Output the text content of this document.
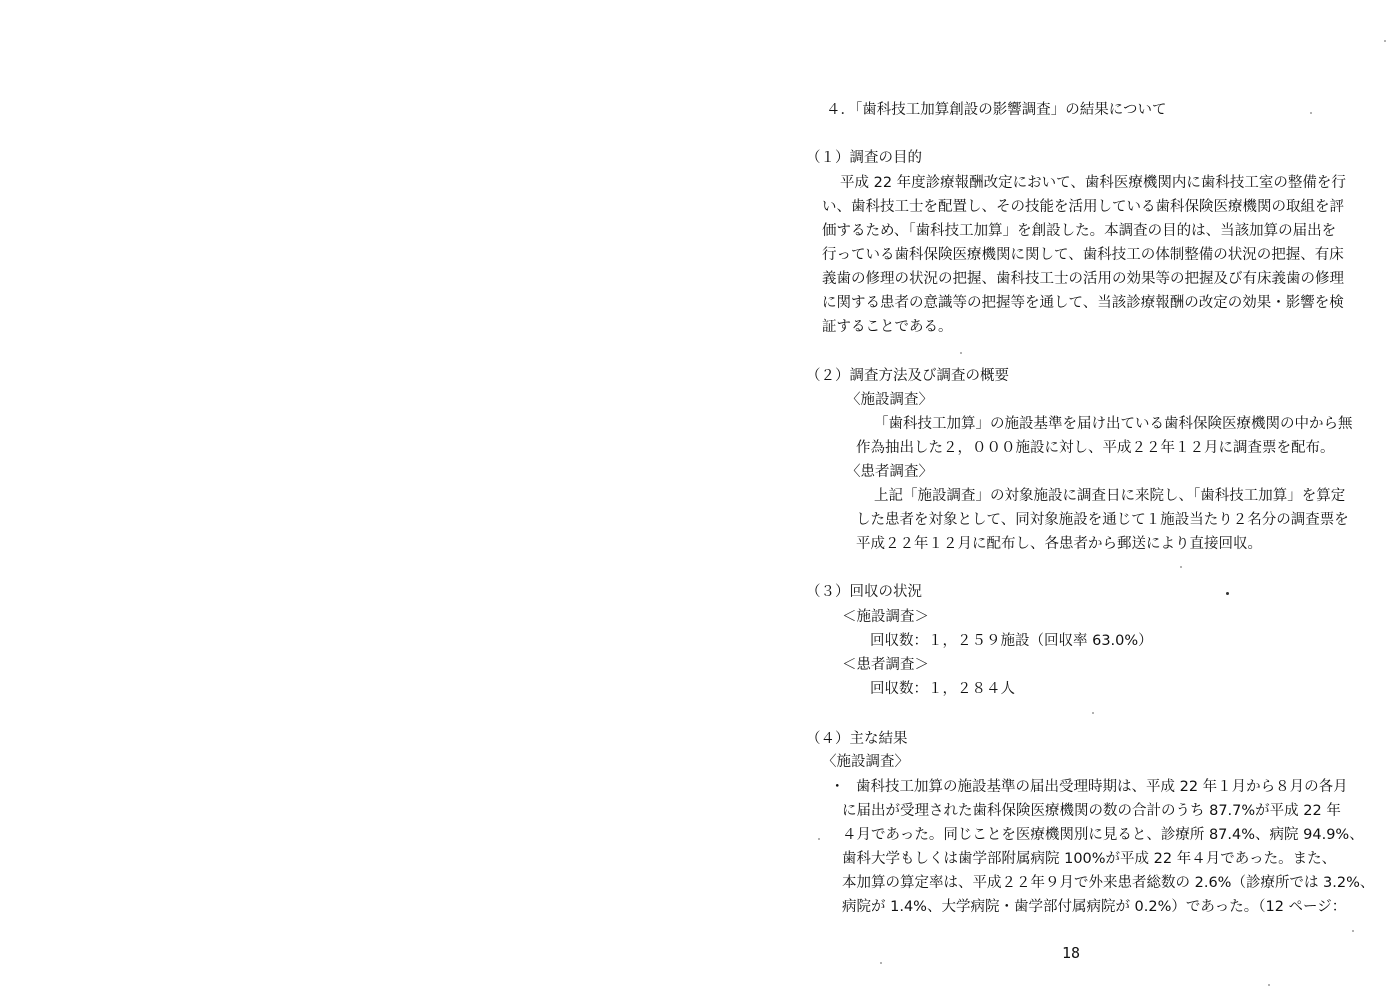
４．「歯科技工加算創設の影響調査」の結果について
（１）調査の目的
平成 22 年度診療報酬改定において、歯科医療機関内に歯科技工室の整備を行
い、歯科技工士を配置し、その技能を活用している歯科保険医療機関の取組を評
価するため、「歯科技工加算」を創設した。本調査の目的は、当該加算の届出を
行っている歯科保険医療機関に関して、歯科技工の体制整備の状況の把握、有床
義歯の修理の状況の把握、歯科技工士の活用の効果等の把握及び有床義歯の修理
に関する患者の意識等の把握等を通して、当該診療報酬の改定の効果・影響を検
証することである。
（２）調査方法及び調査の概要
〈施設調査〉
「歯科技工加算」の施設基準を届け出ている歯科保険医療機関の中から無
作為抽出した２，０００施設に対し、平成２２年１２月に調査票を配布。
〈患者調査〉
上記「施設調査」の対象施設に調査日に来院し、「歯科技工加算」を算定
した患者を対象として、同対象施設を通じて１施設当たり２名分の調査票を
平成２２年１２月に配布し、各患者から郵送により直接回収。
（３）回収の状況
＜施設調査＞
回収数：１，２５９施設（回収率 63.0%）
＜患者調査＞
回収数：１，２８４人
（４）主な結果
〈施設調査〉
・ 歯科技工加算の施設基準の届出受理時期は、平成 22 年１月から８月の各月
に届出が受理された歯科保険医療機関の数の合計のうち 87.7%が平成 22 年
４月であった。同じことを医療機関別に見ると、診療所 87.4%、病院 94.9%、
歯科大学もしくは歯学部附属病院 100%が平成 22 年４月であった。また、
本加算の算定率は、平成２２年９月で外来患者総数の 2.6%（診療所では 3.2%、
病院が 1.4%、大学病院・歯学部付属病院が 0.2%）であった。（12 ページ：
18
